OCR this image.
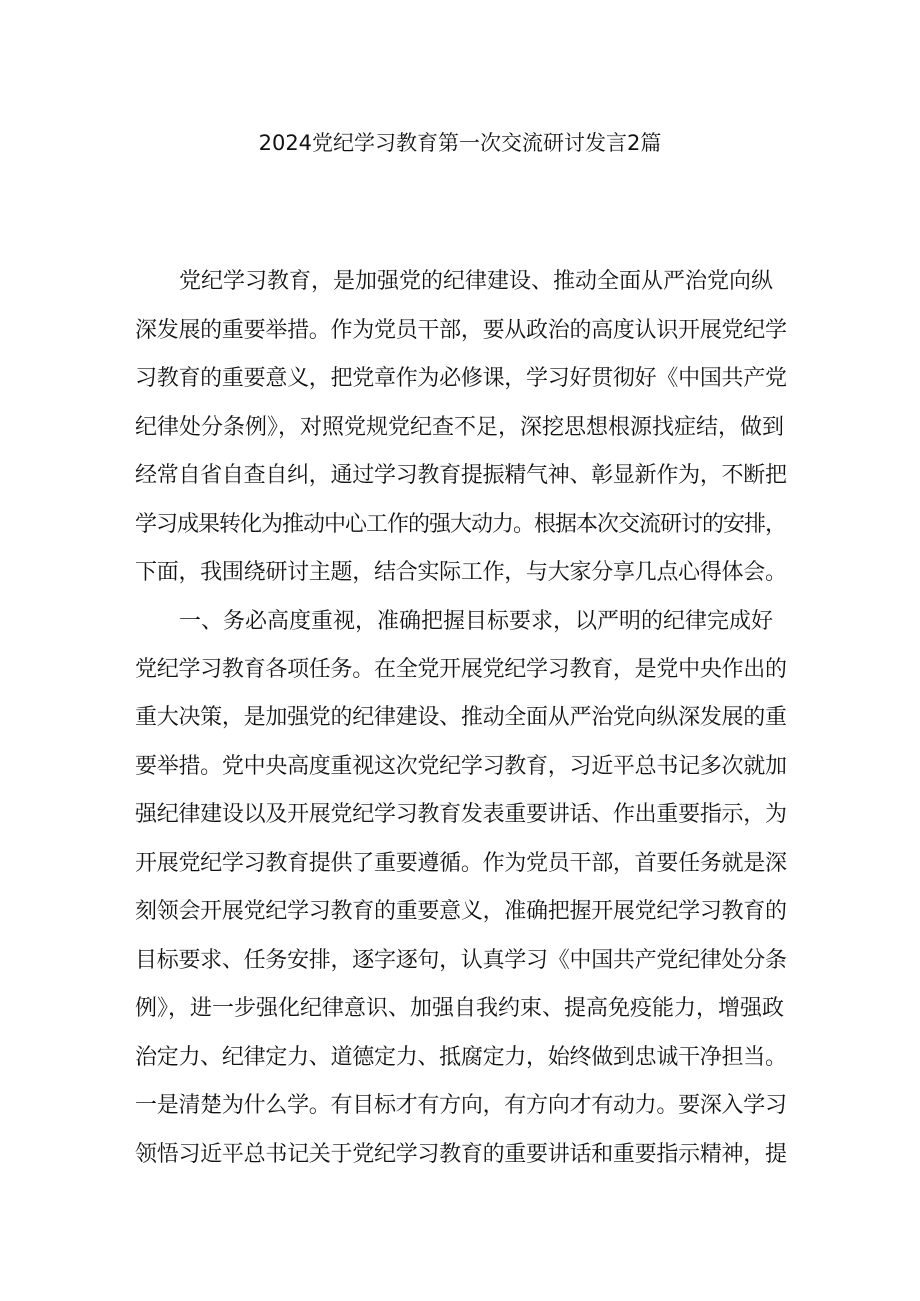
2024党纪学习教育第一次交流研讨发言2篇
党纪学习教育，是加强党的纪律建设、推动全面从严治党向纵
深发展的重要举措。作为党员干部，要从政治的高度认识开展党纪学
习教育的重要意义，把党章作为必修课，学习好贯彻好《中国共产党
纪律处分条例》，对照党规党纪查不足，深挖思想根源找症结，做到
经常自省自查自纠，通过学习教育提振精气神、彰显新作为，不断把
学习成果转化为推动中心工作的强大动力。根据本次交流研讨的安排，
下面，我围绕研讨主题，结合实际工作，与大家分享几点心得体会。
一、务必高度重视，准确把握目标要求，以严明的纪律完成好
党纪学习教育各项任务。在全党开展党纪学习教育，是党中央作出的
重大决策，是加强党的纪律建设、推动全面从严治党向纵深发展的重
要举措。党中央高度重视这次党纪学习教育，习近平总书记多次就加
强纪律建设以及开展党纪学习教育发表重要讲话、作出重要指示，为
开展党纪学习教育提供了重要遵循。作为党员干部，首要任务就是深
刻领会开展党纪学习教育的重要意义，准确把握开展党纪学习教育的
目标要求、任务安排，逐字逐句，认真学习《中国共产党纪律处分条
例》，进一步强化纪律意识、加强自我约束、提高免疫能力，增强政
治定力、纪律定力、道德定力、抵腐定力，始终做到忠诚干净担当。
一是清楚为什么学。有目标才有方向，有方向才有动力。要深入学习
领悟习近平总书记关于党纪学习教育的重要讲话和重要指示精神，提
